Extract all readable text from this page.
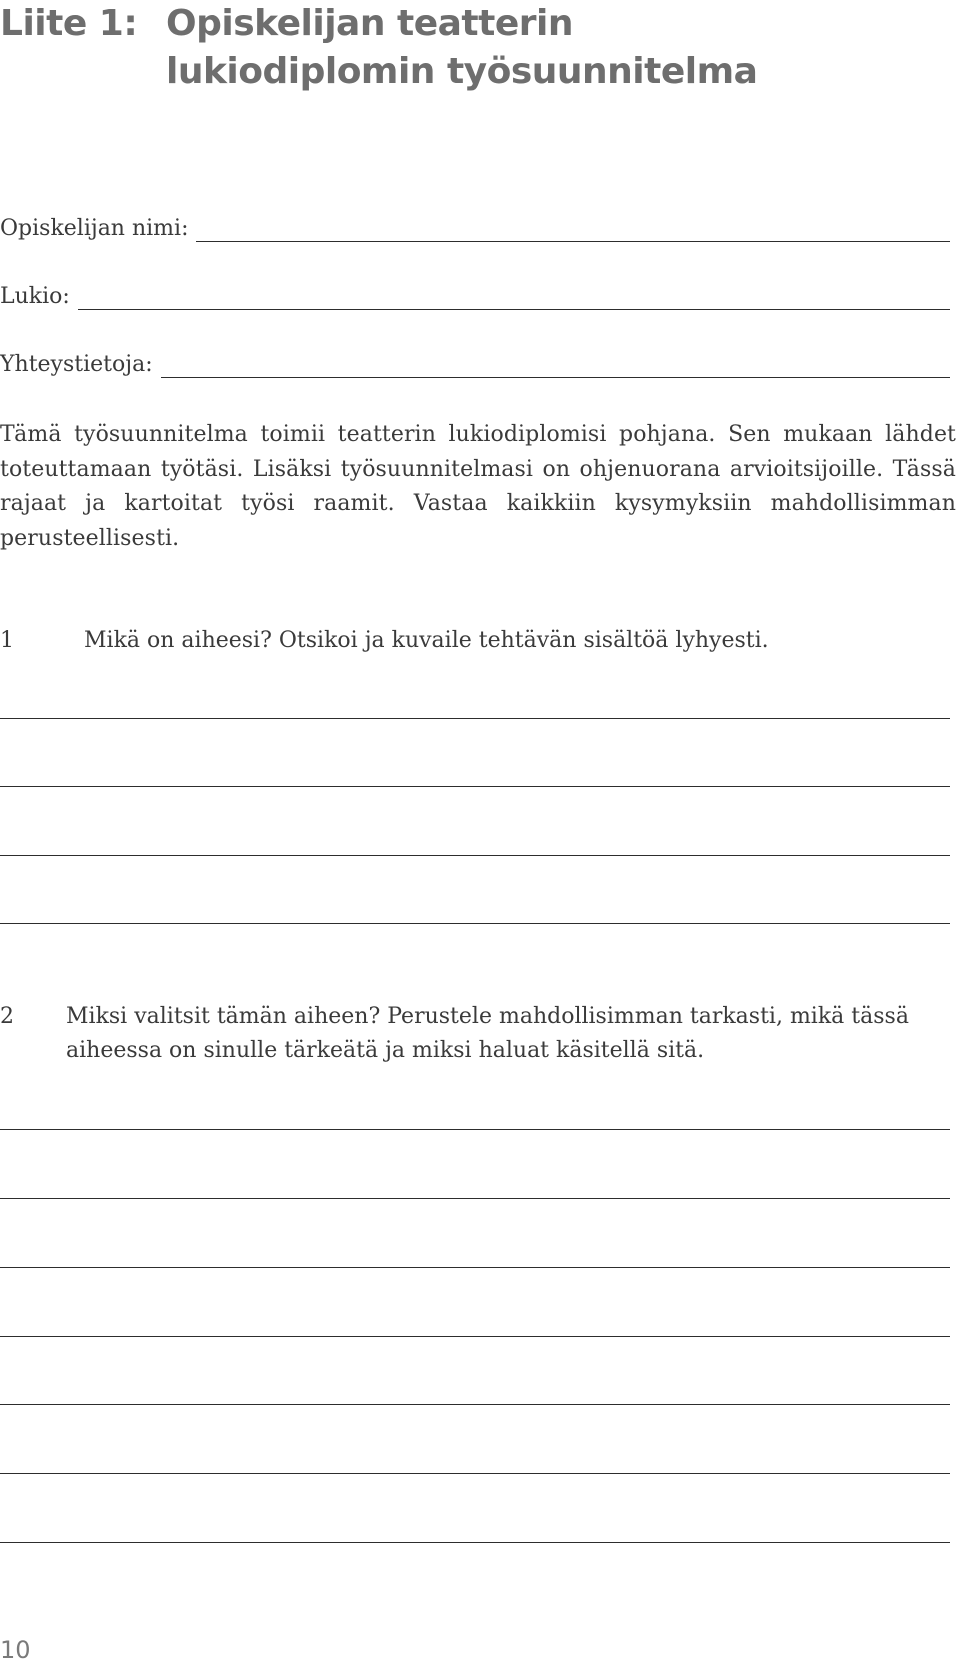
Liite 1: Opiskelijan teatterin lukiodiplomin työsuunnitelma
Opiskelijan nimi:
Lukio:
Yhteystietoja:
Tämä työsuunnitelma toimii teatterin lukiodiplomisi pohjana. Sen mukaan lähdet toteuttamaan työtäsi. Lisäksi työsuunnitelmasi on ohjenuorana arvioitsijoille. Tässä rajaat ja kartoitat työsi raamit. Vastaa kaikkiin kysymyksiin mahdollisimman perusteellisesti.
1	Mikä on aiheesi? Otsikoi ja kuvaile tehtävän sisältöä lyhyesti.
2	Miksi valitsit tämän aiheen? Perustele mahdollisimman tarkasti, mikä tässä aiheessa on sinulle tärkeätä ja miksi haluat käsitellä sitä.
10
